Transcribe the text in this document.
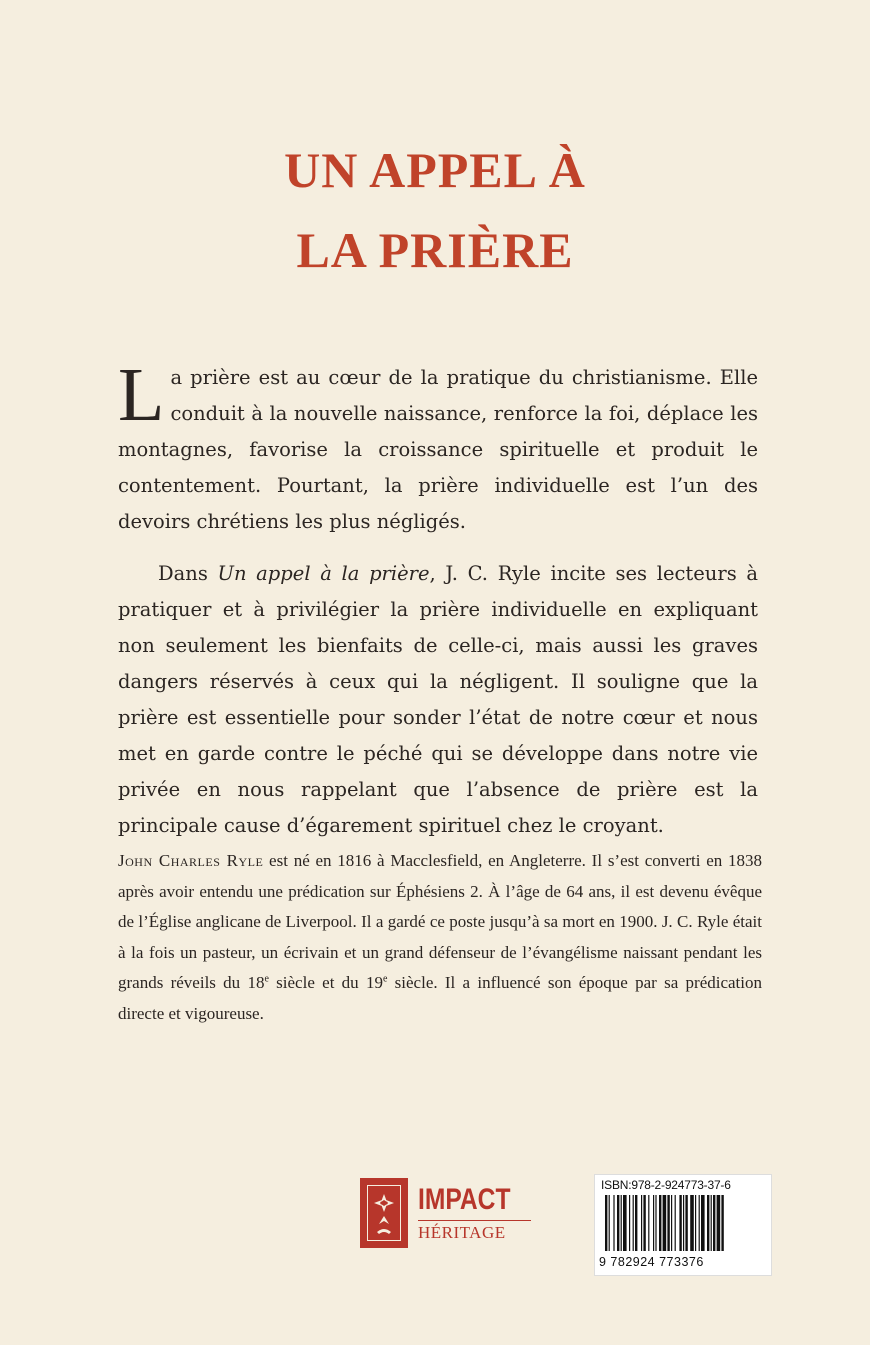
UN APPEL À
LA PRIÈRE

La prière est au cœur de la pratique du christianisme. Elle conduit à la nouvelle naissance, renforce la foi, déplace les montagnes, favorise la croissance spirituelle et produit le contentement. Pourtant, la prière individuelle est l’un des devoirs chrétiens les plus négligés.

Dans Un appel à la prière, J. C. Ryle incite ses lecteurs à pratiquer et à privilégier la prière individuelle en expliquant non seulement les bienfaits de celle-ci, mais aussi les graves dangers réservés à ceux qui la négligent. Il souligne que la prière est essentielle pour sonder l’état de notre cœur et nous met en garde contre le péché qui se développe dans notre vie privée en nous rappelant que l’absence de prière est la principale cause d’égarement spirituel chez le croyant.

John Charles Ryle est né en 1816 à Macclesfield, en Angleterre. Il s’est converti en 1838 après avoir entendu une prédication sur Éphésiens 2. À l’âge de 64 ans, il est devenu évêque de l’Église anglicane de Liverpool. Il a gardé ce poste jusqu’à sa mort en 1900. J. C. Ryle était à la fois un pasteur, un écrivain et un grand défenseur de l’évangélisme naissant pendant les grands réveils du 18e siècle et du 19e siècle. Il a influencé son époque par sa prédication directe et vigoureuse.

IMPACT
HÉRITAGE
ISBN:978-2-924773-37-6
9 782924 773376
